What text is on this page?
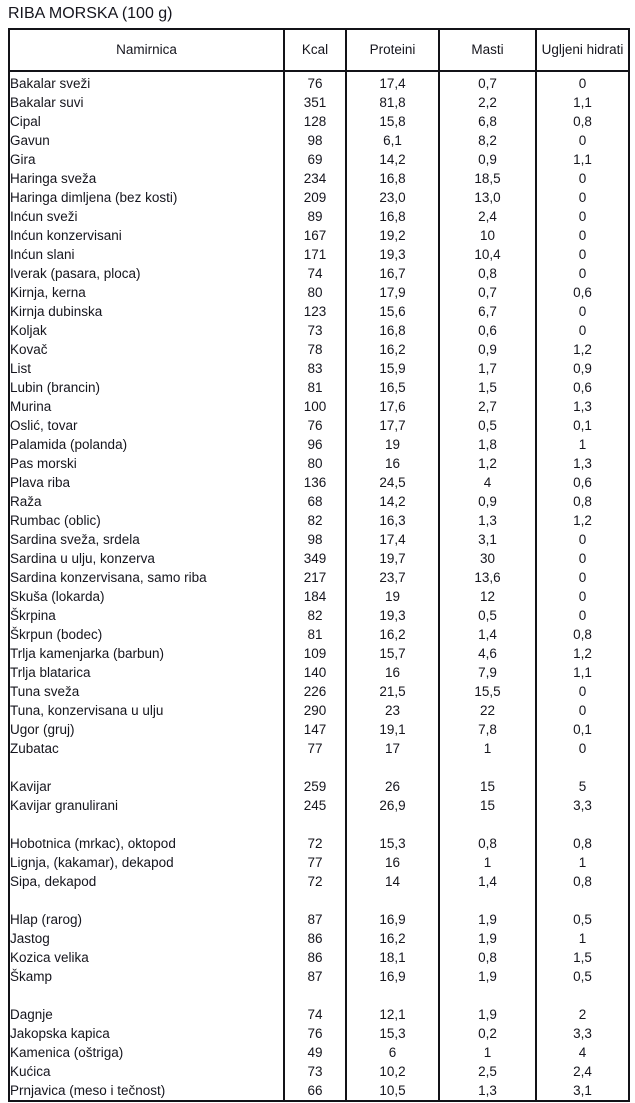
RIBA MORSKA (100 g)
Namirnica	Kcal	Proteini	Masti	Ugljeni hidrati
Bakalar sveži	76	17,4	0,7	0
Bakalar suvi	351	81,8	2,2	1,1
Cipal	128	15,8	6,8	0,8
Gavun	98	6,1	8,2	0
Gira	69	14,2	0,9	1,1
Haringa sveža	234	16,8	18,5	0
Haringa dimljena (bez kosti)	209	23,0	13,0	0
Inćun sveži	89	16,8	2,4	0
Inćun konzervisani	167	19,2	10	0
Inćun slani	171	19,3	10,4	0
Iverak (pasara, ploca)	74	16,7	0,8	0
Kirnja, kerna	80	17,9	0,7	0,6
Kirnja dubinska	123	15,6	6,7	0
Koljak	73	16,8	0,6	0
Kovač	78	16,2	0,9	1,2
List	83	15,9	1,7	0,9
Lubin (brancin)	81	16,5	1,5	0,6
Murina	100	17,6	2,7	1,3
Oslić, tovar	76	17,7	0,5	0,1
Palamida (polanda)	96	19	1,8	1
Pas morski	80	16	1,2	1,3
Plava riba	136	24,5	4	0,6
Raža	68	14,2	0,9	0,8
Rumbac (oblic)	82	16,3	1,3	1,2
Sardina sveža, srdela	98	17,4	3,1	0
Sardina u ulju, konzerva	349	19,7	30	0
Sardina konzervisana, samo riba	217	23,7	13,6	0
Skuša (lokarda)	184	19	12	0
Škrpina	82	19,3	0,5	0
Škrpun (bodec)	81	16,2	1,4	0,8
Trlja kamenjarka (barbun)	109	15,7	4,6	1,2
Trlja blatarica	140	16	7,9	1,1
Tuna sveža	226	21,5	15,5	0
Tuna, konzervisana u ulju	290	23	22	0
Ugor (gruj)	147	19,1	7,8	0,1
Zubatac	77	17	1	0

Kavijar	259	26	15	5
Kavijar granulirani	245	26,9	15	3,3

Hobotnica (mrkac), oktopod	72	15,3	0,8	0,8
Lignja, (kakamar), dekapod	77	16	1	1
Sipa, dekapod	72	14	1,4	0,8

Hlap (rarog)	87	16,9	1,9	0,5
Jastog	86	16,2	1,9	1
Kozica velika	86	18,1	0,8	1,5
Škamp	87	16,9	1,9	0,5

Dagnje	74	12,1	1,9	2
Jakopska kapica	76	15,3	0,2	3,3
Kamenica (oštriga)	49	6	1	4
Kućica	73	10,2	2,5	2,4
Prnjavica (meso i tečnost)	66	10,5	1,3	3,1
